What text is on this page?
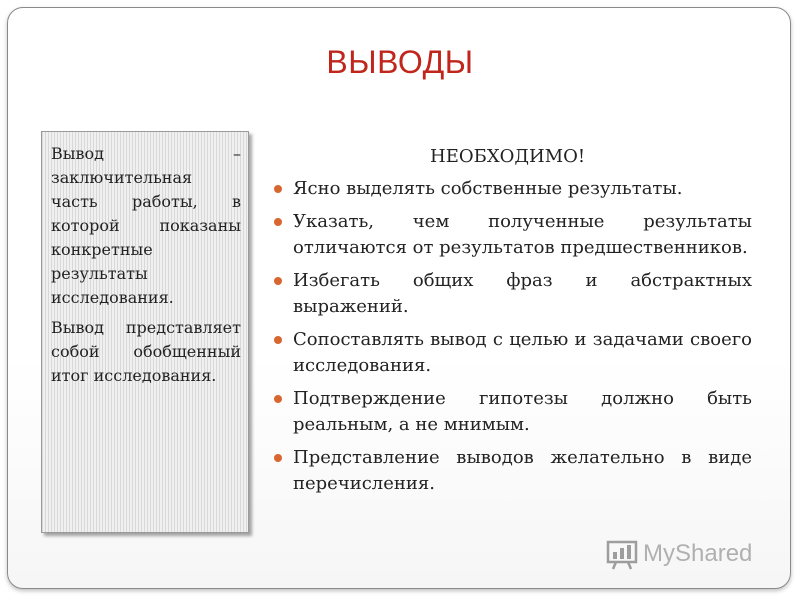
ВЫВОДЫ

Вывод – заключительная часть работы, в которой показаны конкретные результаты исследования.

Вывод представляет собой обобщенный итог исследования.

НЕОБХОДИМО!
Ясно выделять собственные результаты.
Указать, чем полученные результаты отличаются от результатов предшественников.
Избегать общих фраз и абстрактных выражений.
Сопоставлять вывод с целью и задачами своего исследования.
Подтверждение гипотезы должно быть реальным, а не мнимым.
Представление выводов желательно в виде перечисления.
MyShared
